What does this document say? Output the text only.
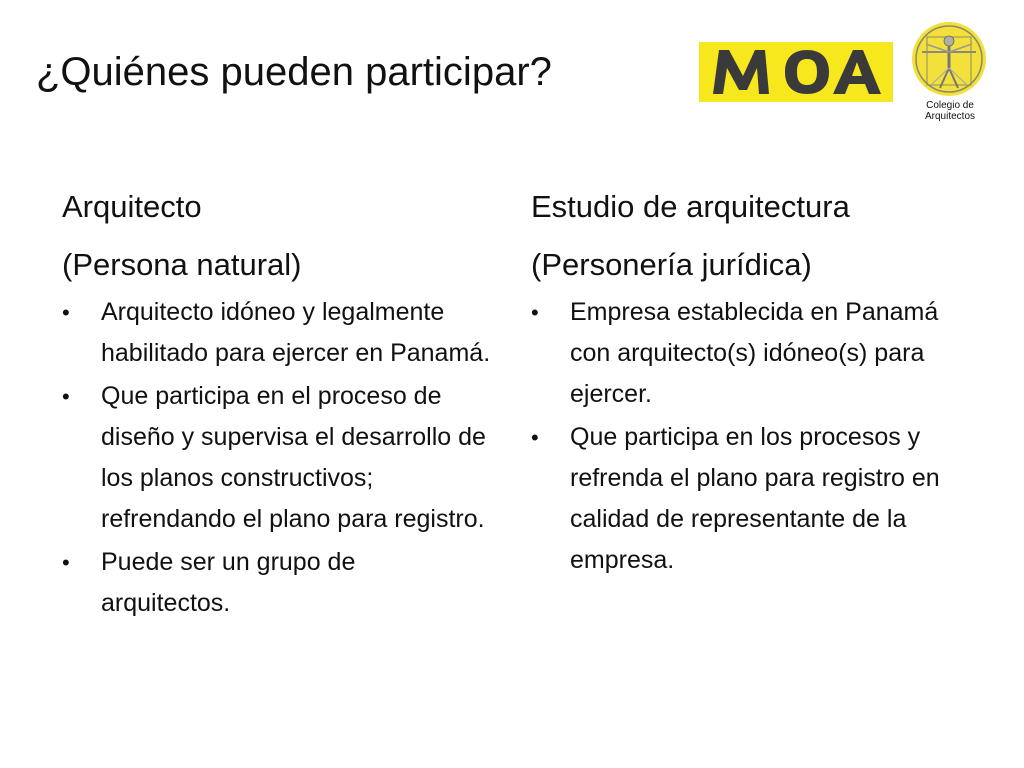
¿Quiénes pueden participar?
Colegio de
Arquitectos
Arquitecto
(Persona natural)
• Arquitecto idóneo y legalmente habilitado para ejercer en Panamá.
• Que participa en el proceso de diseño y supervisa el desarrollo de los planos constructivos; refrendando el plano para registro.
• Puede ser un grupo de arquitectos.
Estudio de arquitectura
(Personería jurídica)
• Empresa establecida en Panamá con arquitecto(s) idóneo(s) para ejercer.
• Que participa en los procesos y refrenda el plano para registro en calidad de representante de la empresa.
